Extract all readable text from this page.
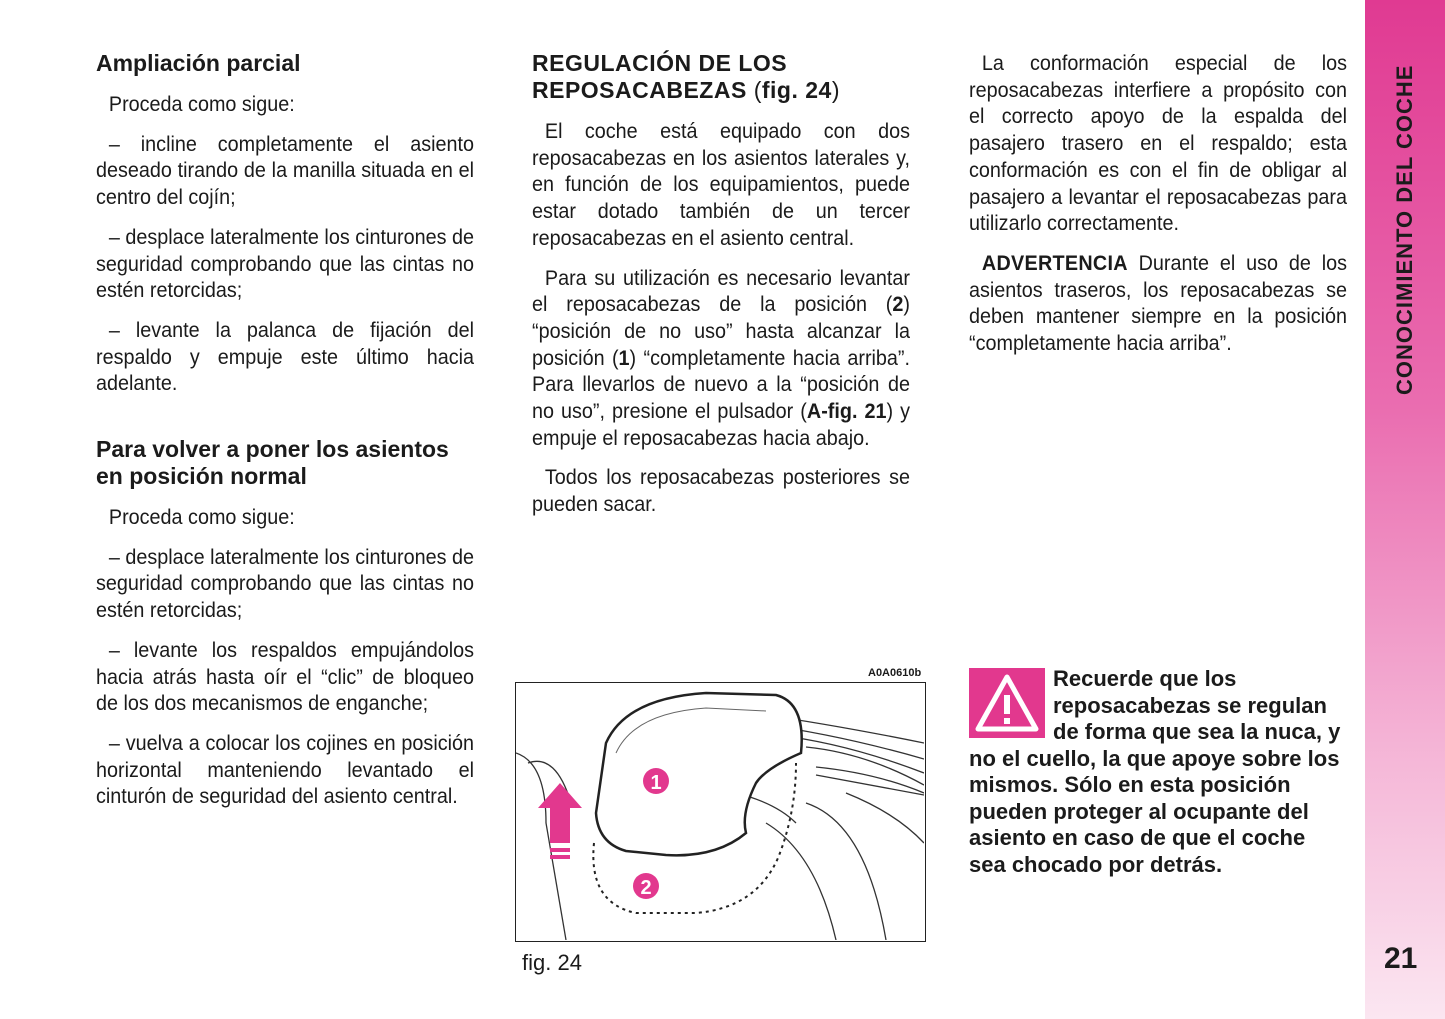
Ampliación parcial

Proceda como sigue:

– incline completamente el asiento deseado tirando de la manilla situada en el centro del cojín;

– desplace lateralmente los cinturones de seguridad comprobando que las cintas no estén retorcidas;

– levante la palanca de fijación del respaldo y empuje este último hacia adelante.

Para volver a poner los asientos en posición normal

Proceda como sigue:

– desplace lateralmente los cinturones de seguridad comprobando que las cintas no estén retorcidas;

– levante los respaldos empujándolos hacia atrás hasta oír el “clic” de bloqueo de los dos mecanismos de enganche;

– vuelva a colocar los cojines en posición horizontal manteniendo levantado el cinturón de seguridad del asiento central.

REGULACIÓN DE LOS REPOSACABEZAS (fig. 24)

El coche está equipado con dos reposacabezas en los asientos laterales y, en función de los equipamientos, puede estar dotado también de un tercer reposacabezas en el asiento central.

Para su utilización es necesario levantar el reposacabezas de la posición (2) “posición de no uso” hasta alcanzar la posición (1) “completamente hacia arriba”. Para llevarlos de nuevo a la “posición de no uso”, presione el pulsador (A-fig. 21) y empuje el reposacabezas hacia abajo.

Todos los reposacabezas posteriores se pueden sacar.

La conformación especial de los reposacabezas interfiere a propósito con el correcto apoyo de la espalda del pasajero trasero en el respaldo; esta conformación es con el fin de obligar al pasajero a levantar el reposacabezas para utilizarlo correctamente.

ADVERTENCIA Durante el uso de los asientos traseros, los reposacabezas se deben mantener siempre en la posición “completamente hacia arriba”.

A0A0610b
1
2
fig. 24
Recuerde que los reposacabezas se regulan de forma que sea la nuca, y no el cuello, la que apoye sobre los mismos. Sólo en esta posición pueden proteger al ocupante del asiento en caso de que el coche sea chocado por detrás.
CONOCIMIENTO DEL COCHE
21
